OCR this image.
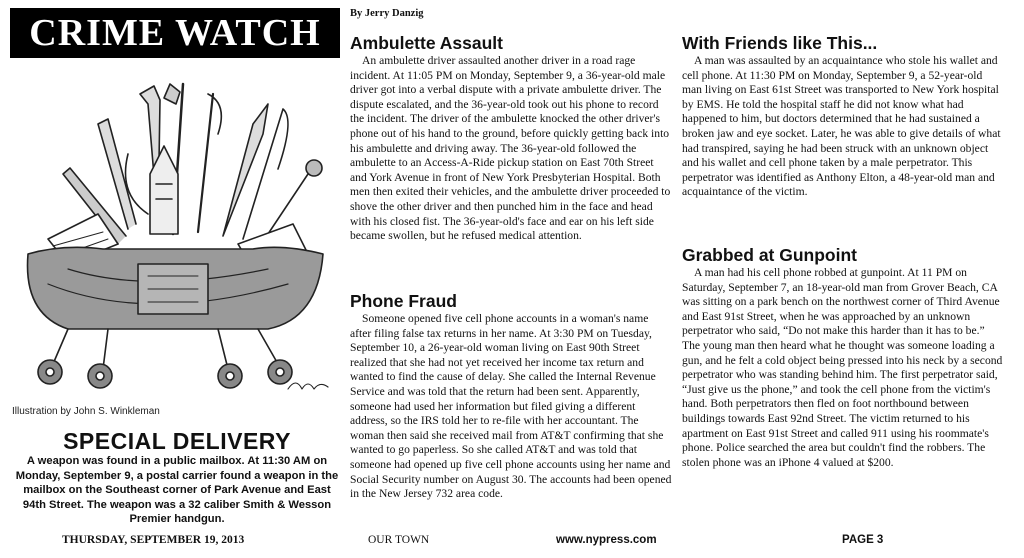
CRIME WATCH
Illustration by John S. Winkleman
SPECIAL DELIVERY
A weapon was found in a public mailbox. At 11:30 AM on Monday, September 9, a postal carrier found a weapon in the mailbox on the Southeast corner of Park Avenue and East 94th Street. The weapon was a 32 caliber Smith & Wesson Premier handgun.
By Jerry Danzig
Ambulette Assault

An ambulette driver assaulted another driver in a road rage incident. At 11:05 PM on Monday, September 9, a 36-year-old male driver got into a verbal dispute with a private ambulette driver. The dispute escalated, and the 36-year-old took out his phone to record the incident. The driver of the ambulette knocked the other driver's phone out of his hand to the ground, before quickly getting back into his ambulette and driving away. The 36-year-old followed the ambulette to an Access-A-Ride pickup station on East 70th Street and York Avenue in front of New York Presbyterian Hospital. Both men then exited their vehicles, and the ambulette driver proceeded to shove the other driver and then punched him in the face and head with his closed fist. The 36-year-old's face and ear on his left side became swollen, but he refused medical attention.

Phone Fraud

Someone opened five cell phone accounts in a woman's name after filing false tax returns in her name. At 3:30 PM on Tuesday, September 10, a 26-year-old woman living on East 90th Street realized that she had not yet received her income tax return and wanted to find the cause of delay. She called the Internal Revenue Service and was told that the return had been sent. Apparently, someone had used her information but filed giving a different address, so the IRS told her to re-file with her accountant. The woman then said she received mail from AT&T confirming that she wanted to go paperless. So she called AT&T and was told that someone had opened up five cell phone accounts using her name and Social Security number on August 30. The accounts had been opened in the New Jersey 732 area code.

With Friends like This...

A man was assaulted by an acquaintance who stole his wallet and cell phone. At 11:30 PM on Monday, September 9, a 52-year-old man living on East 61st Street was transported to New York hospital by EMS. He told the hospital staff he did not know what had happened to him, but doctors determined that he had sustained a broken jaw and eye socket. Later, he was able to give details of what had transpired, saying he had been struck with an unknown object and his wallet and cell phone taken by a male perpetrator. This perpetrator was identified as Anthony Elton, a 48-year-old man and acquaintance of the victim.

Grabbed at Gunpoint

A man had his cell phone robbed at gunpoint. At 11 PM on Saturday, September 7, an 18-year-old man from Grover Beach, CA was sitting on a park bench on the northwest corner of Third Avenue and East 91st Street, when he was approached by an unknown perpetrator who said, “Do not make this harder than it has to be.” The young man then heard what he thought was someone loading a gun, and he felt a cold object being pressed into his neck by a second perpetrator who was standing behind him. The first perpetrator said, “Just give us the phone,” and took the cell phone from the victim's hand. Both perpetrators then fled on foot northbound between buildings towards East 92nd Street. The victim returned to his apartment on East 91st Street and called 911 using his roommate's phone. Police searched the area but couldn't find the robbers. The stolen phone was an iPhone 4 valued at $200.

THURSDAY, SEPTEMBER 19, 2013	OUR TOWN	www.nypress.com	PAGE 3
